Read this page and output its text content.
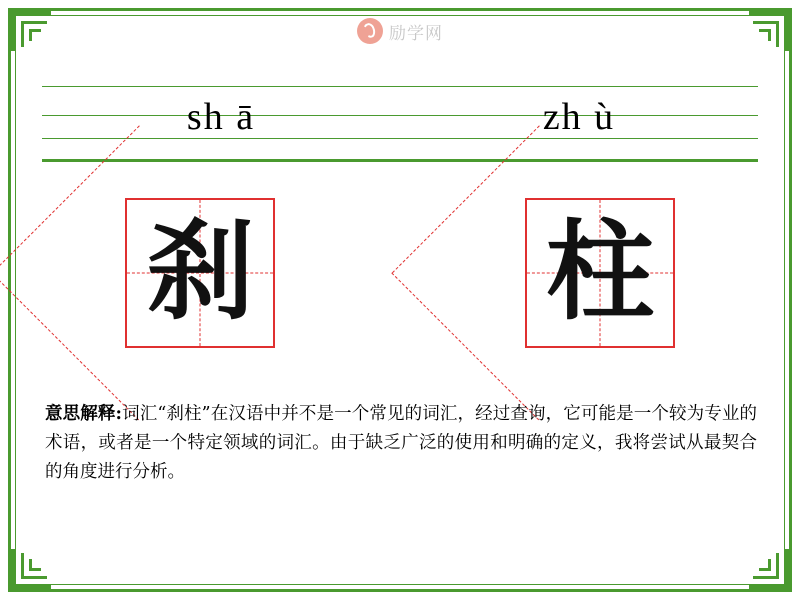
励学网
sh ā	zh ù
刹	柱
意思解释:词汇“刹柱”在汉语中并不是一个常见的词汇，经过查询，它可能是一个较为专业的术语，或者是一个特定领域的词汇。由于缺乏广泛的使用和明确的定义，我将尝试从最契合的角度进行分析。
